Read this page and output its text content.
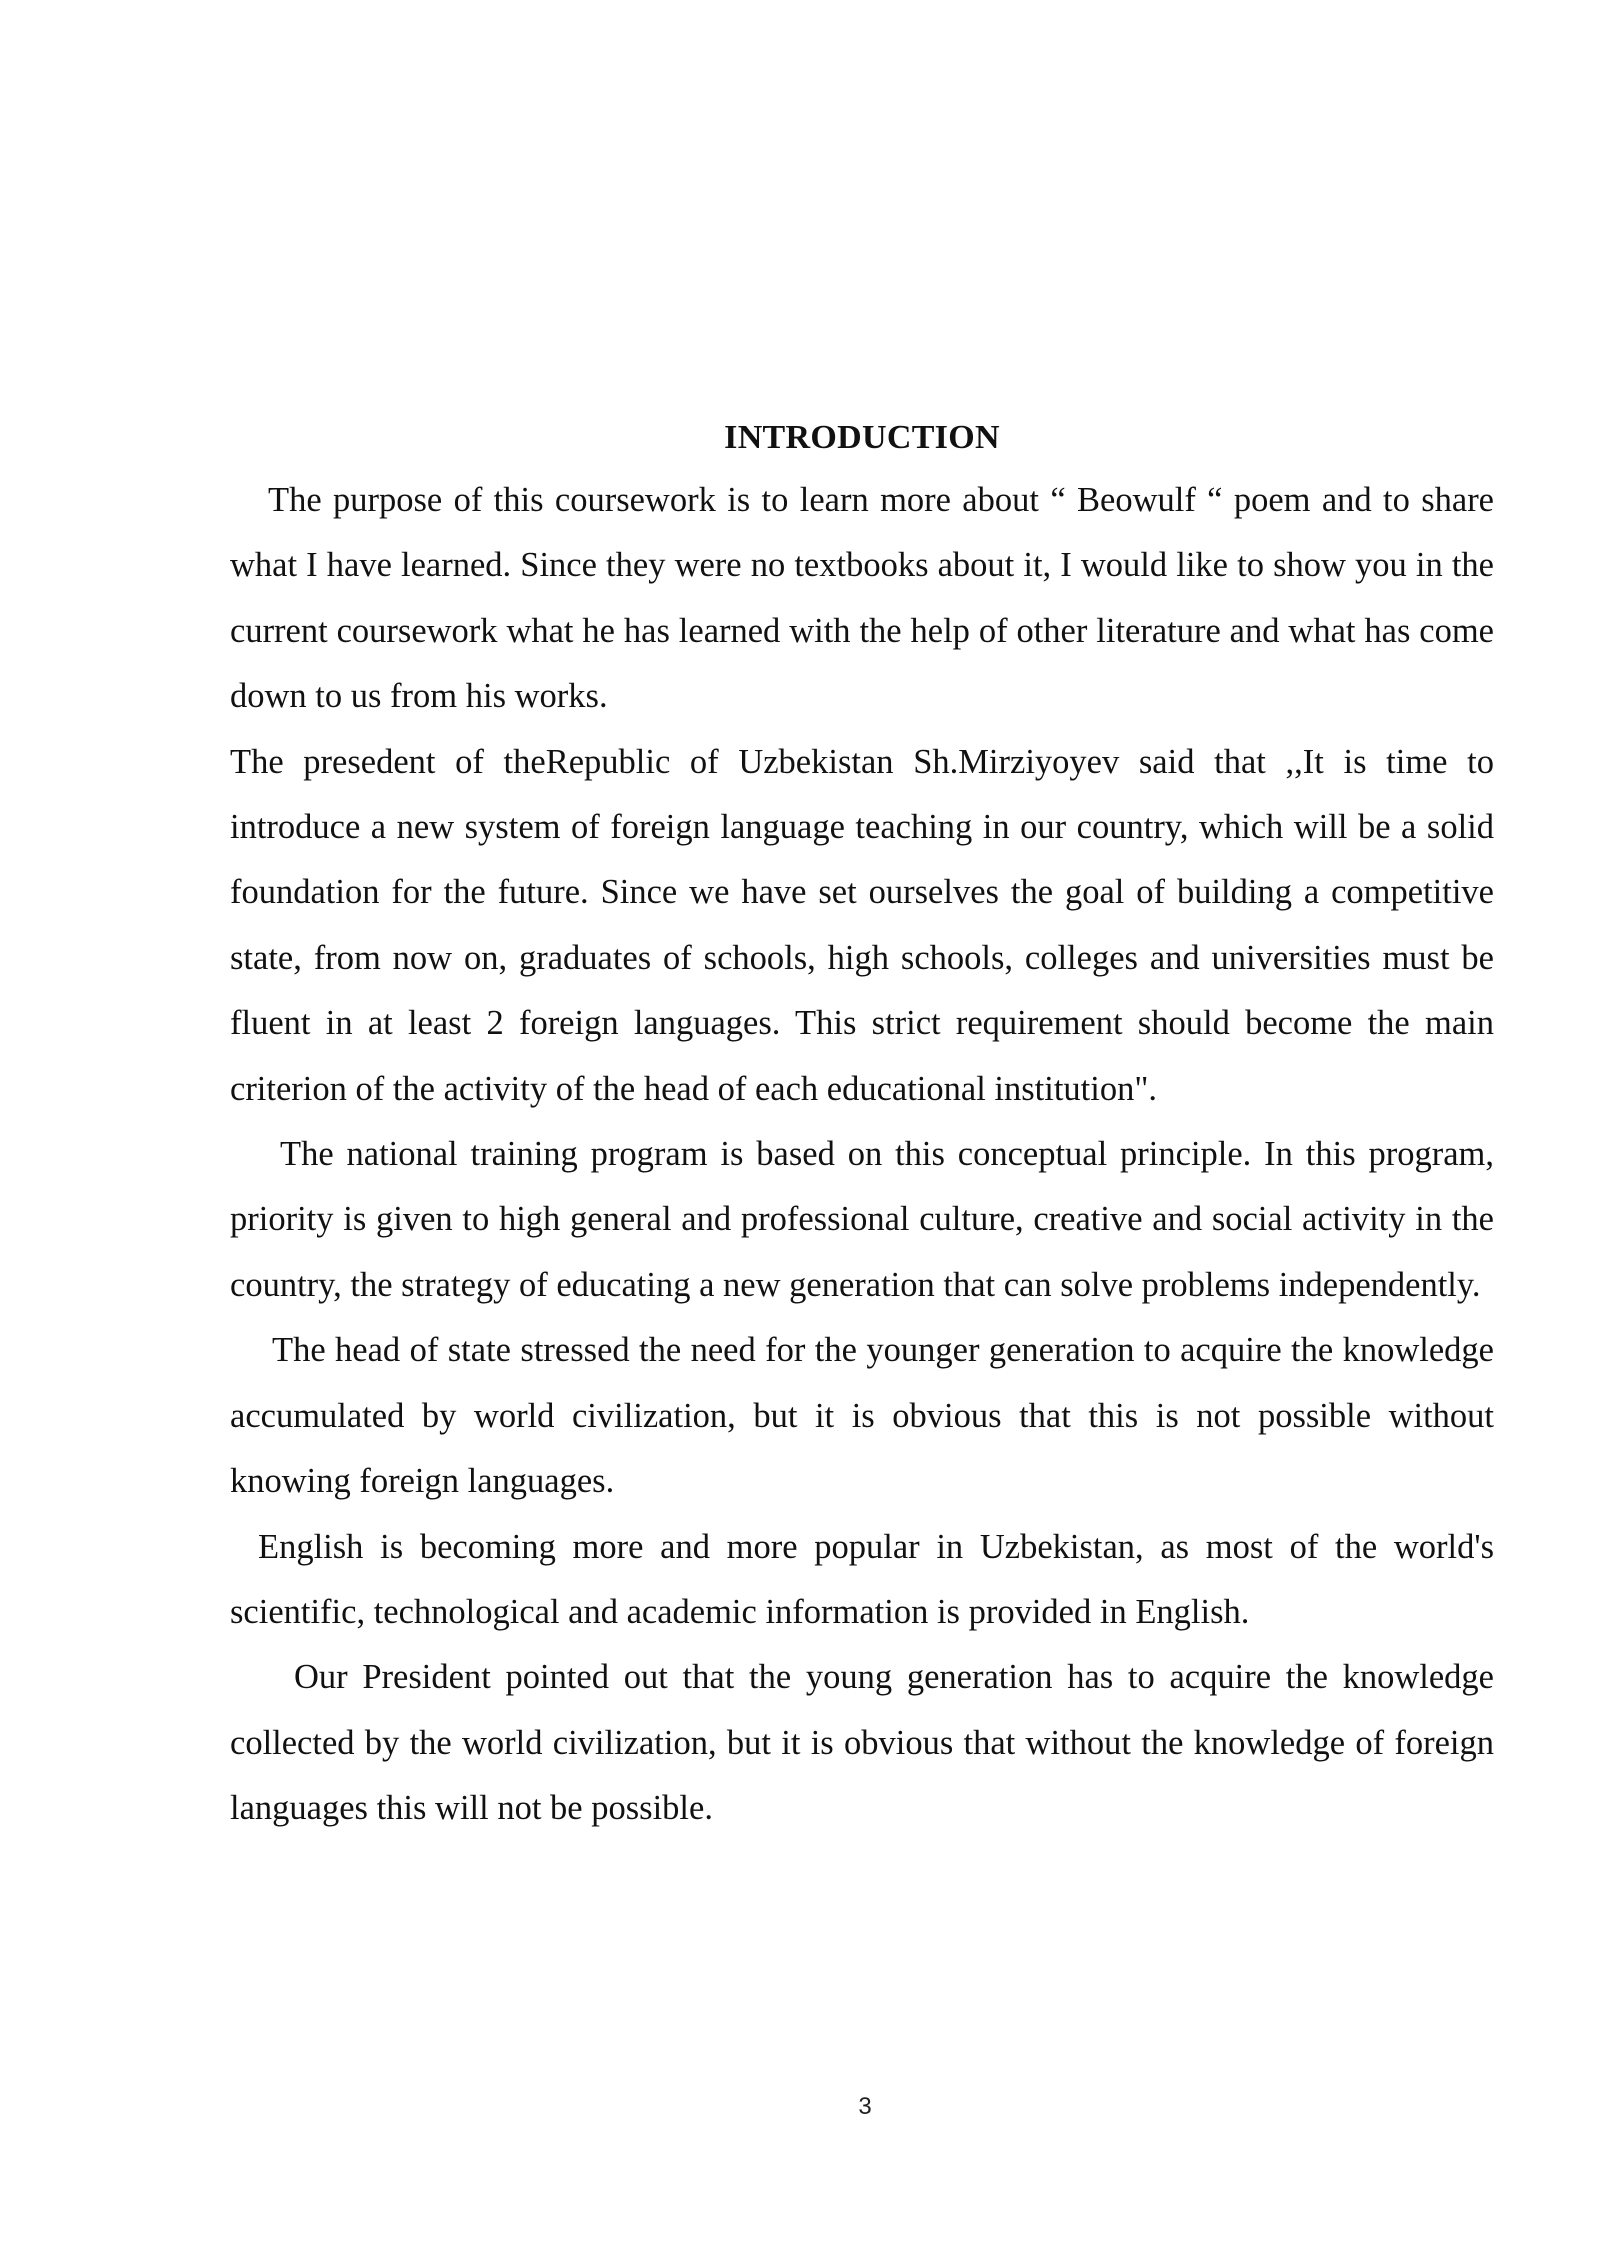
INTRODUCTION

The purpose of this coursework is to learn more about “ Beowulf “ poem and to share what I have learned. Since they were no textbooks about it, I would like to show you in the current coursework what he has learned with the help of other literature and what has come down to us from his works.

The presedent of theRepublic of Uzbekistan Sh.Mirziyoyev said that ,,It is time to introduce a new system of foreign language teaching in our country, which will be a solid foundation for the future. Since we have set ourselves the goal of building a competitive state, from now on, graduates of schools, high schools, colleges and universities must be fluent in at least 2 foreign languages. This strict requirement should become the main criterion of the activity of the head of each educational institution".

The national training program is based on this conceptual principle. In this program, priority is given to high general and professional culture, creative and social activity in the country, the strategy of educating a new generation that can solve problems independently.

The head of state stressed the need for the younger generation to acquire the knowledge accumulated by world civilization, but it is obvious that this is not possible without knowing foreign languages.

English is becoming more and more popular in Uzbekistan, as most of the world's scientific, technological and academic information is provided in English.

Our President pointed out that the young generation has to acquire the knowledge collected by the world civilization, but it is obvious that without the knowledge of foreign languages this will not be possible.

3
